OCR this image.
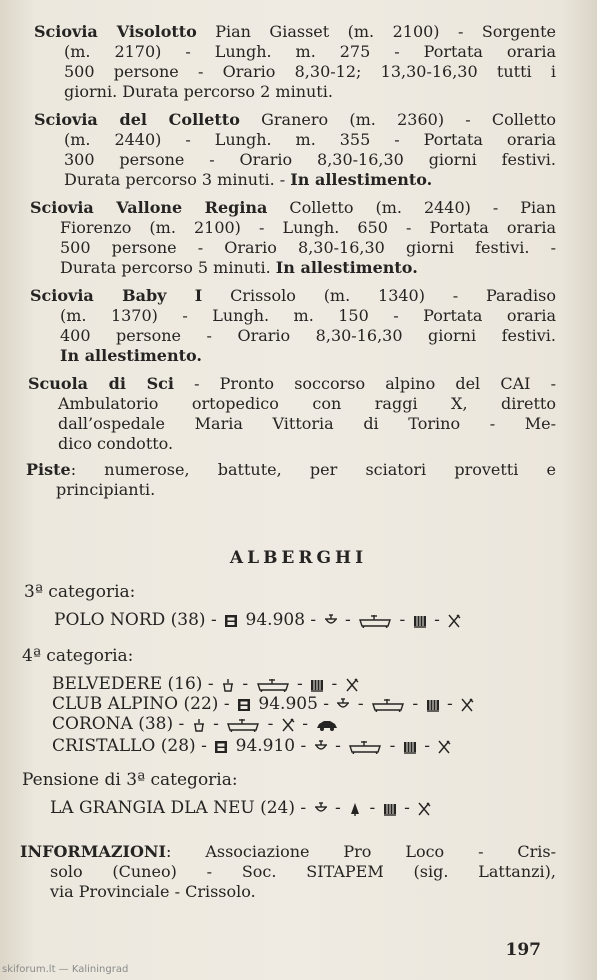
Sciovia Visolotto Pian Giasset (m. 2100) - Sorgente
(m. 2170) - Lungh. m. 275 - Portata oraria
500 persone - Orario 8,30-12; 13,30-16,30 tutti i
giorni. Durata percorso 2 minuti.
Sciovia del Colletto Granero (m. 2360) - Colletto
(m. 2440) - Lungh. m. 355 - Portata oraria
300 persone - Orario 8,30-16,30 giorni festivi.
Durata percorso 3 minuti. - In allestimento.
Sciovia Vallone Regina Colletto (m. 2440) - Pian
Fiorenzo (m. 2100) - Lungh. 650 - Portata oraria
500 persone - Orario 8,30-16,30 giorni festivi. -
Durata percorso 5 minuti. In allestimento.
Sciovia Baby I Crissolo (m. 1340) - Paradiso
(m. 1370) - Lungh. m. 150 - Portata oraria
400 persone - Orario 8,30-16,30 giorni festivi.
In allestimento.
Scuola di Sci - Pronto soccorso alpino del CAI -
Ambulatorio ortopedico con raggi X, diretto
dall’ospedale Maria Vittoria di Torino - Me-
dico condotto.
Piste: numerose, battute, per sciatori provetti e
principianti.
ALBERGHI
3ª categoria:
POLO NORD (38) -  94.908 -  -  -  -
4ª categoria:
BELVEDERE (16) -  -  -  -
CLUB ALPINO (22) -  94.905 -  -  -  -
CORONA (38) -  -  -  -
CRISTALLO (28) -  94.910 -  -  -  -
Pensione di 3ª categoria:
LA GRANGIA DLA NEU (24) -  -  -  -
INFORMAZIONI: Associazione Pro Loco - Cris-
solo (Cuneo) - Soc. SITAPEM (sig. Lattanzi),
via Provinciale - Crissolo.
197
skiforum.lt — Kaliningrad
